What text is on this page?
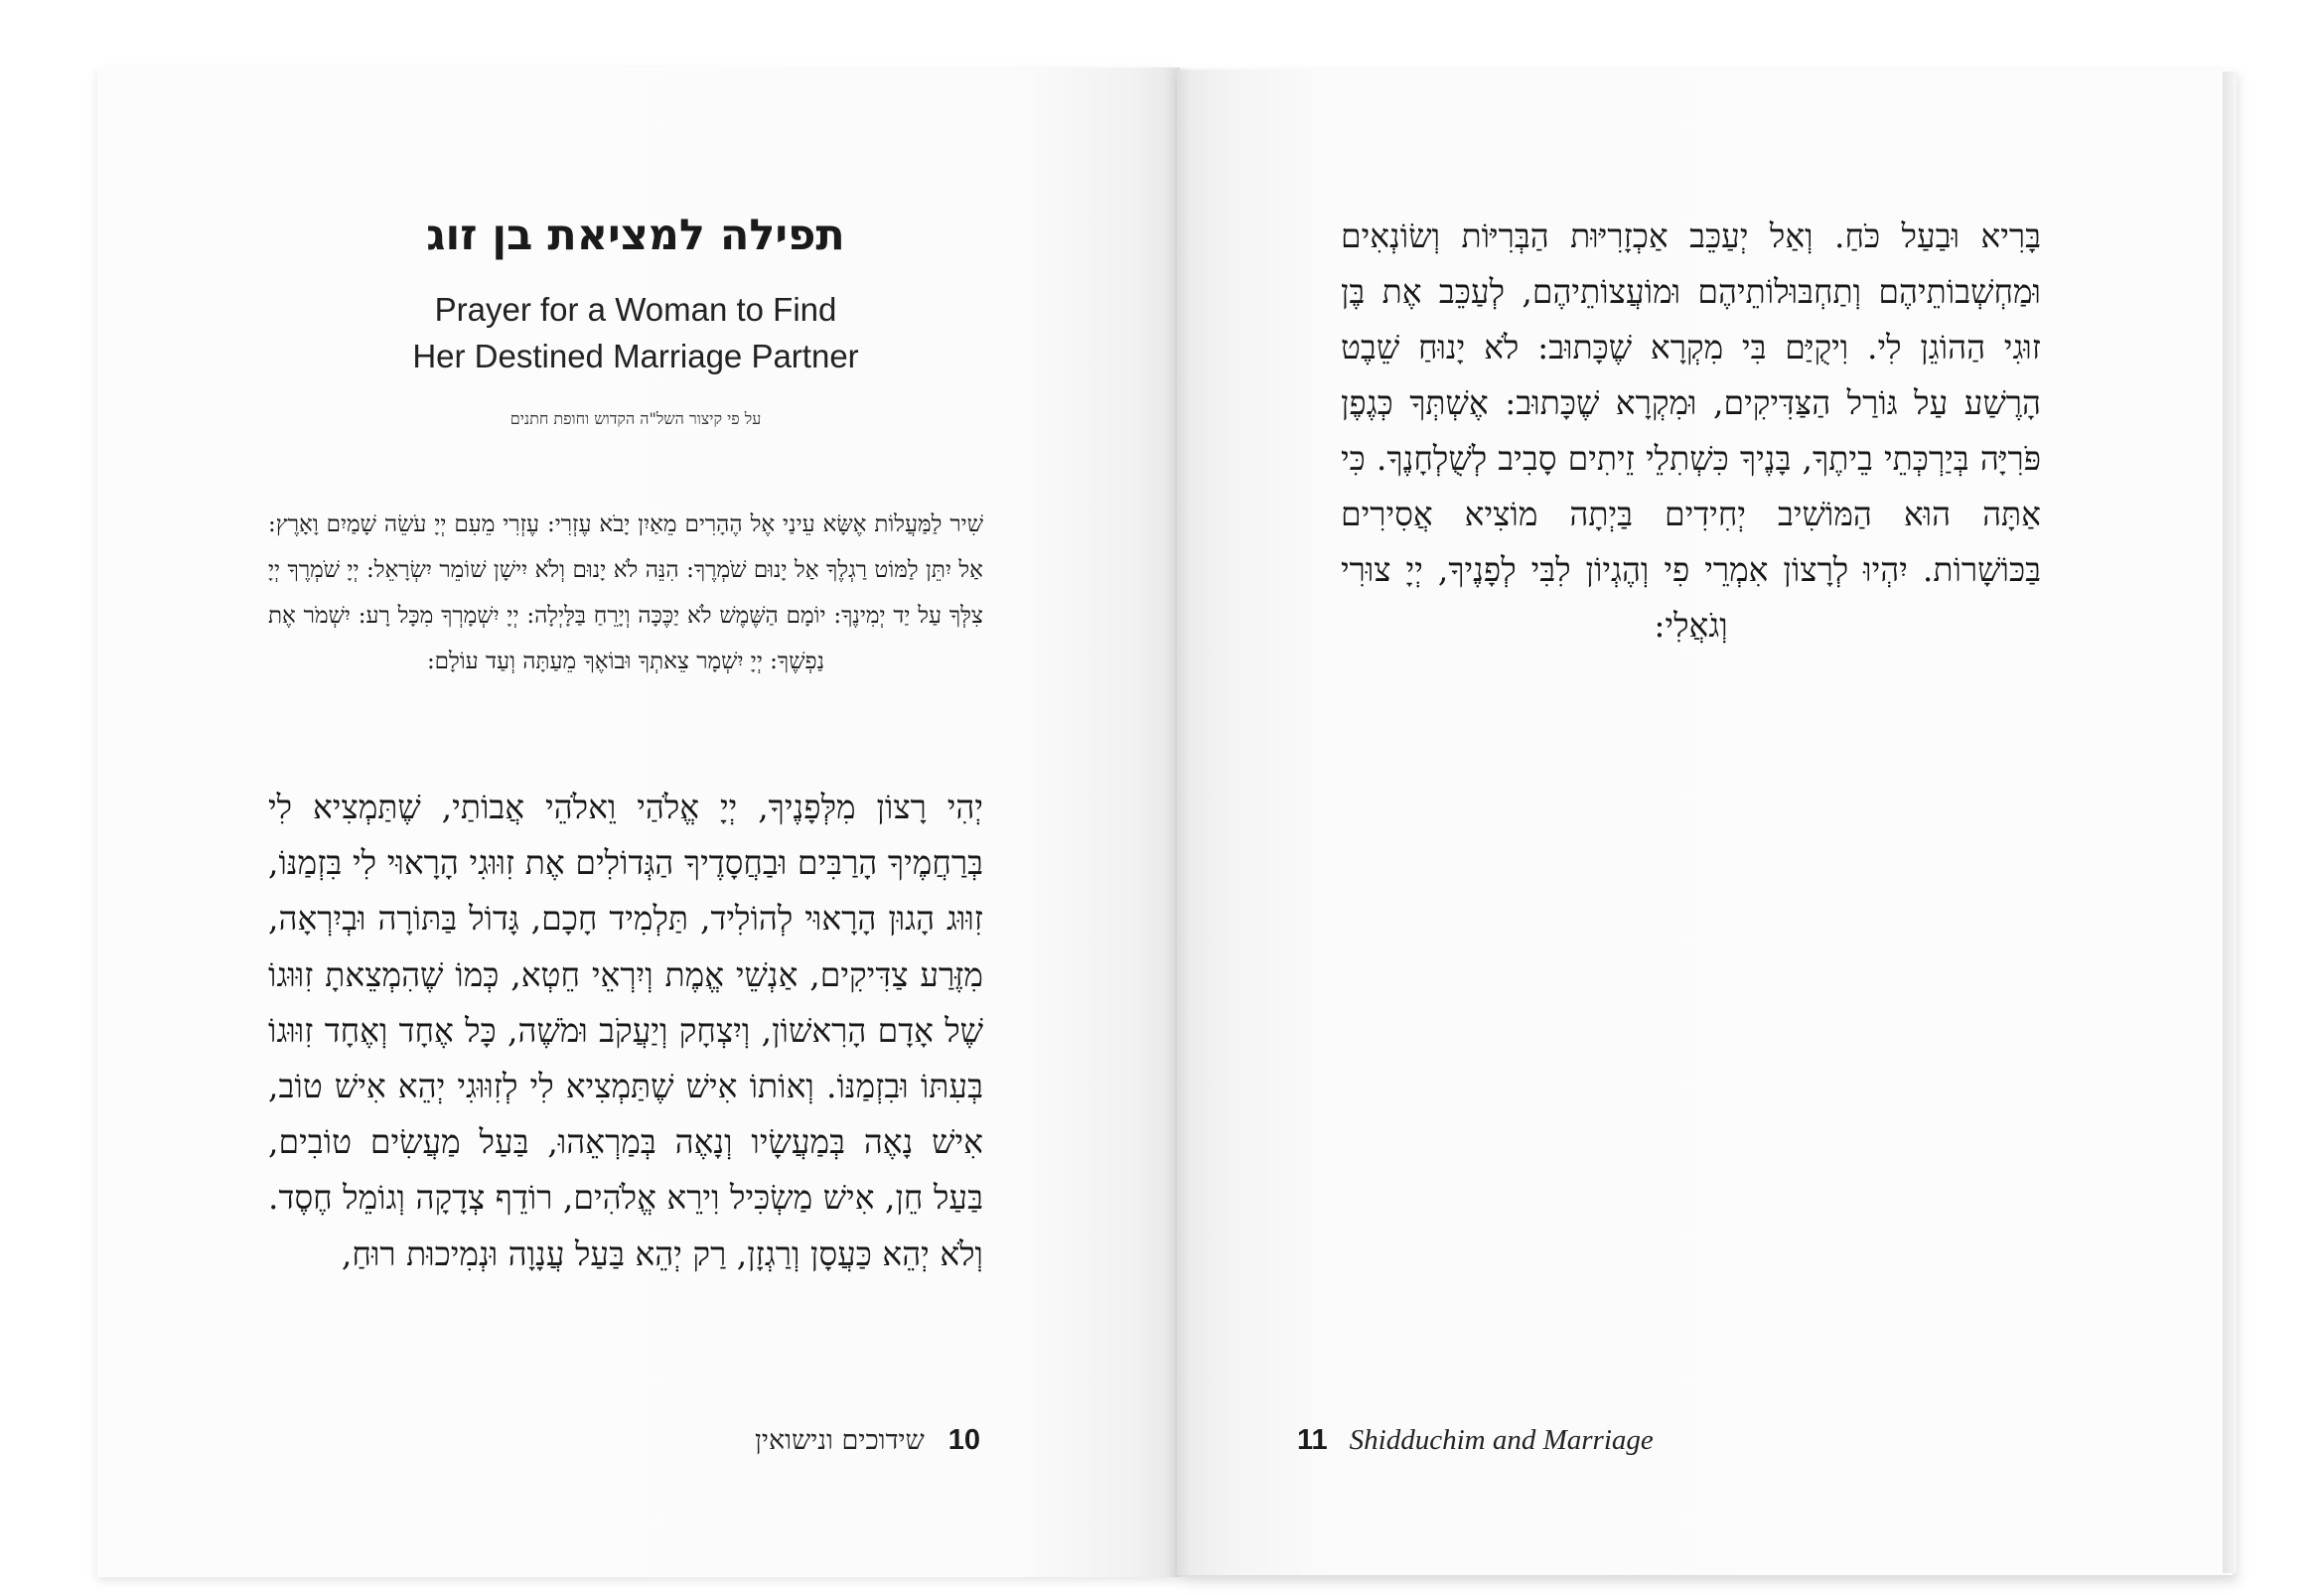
תפילה למציאת בן זוג
Prayer for a Woman to Find
Her Destined Marriage Partner
על פי קיצור השל"ה הקדוש וחופת חתנים

שִׁיר לַמַּעֲלוֹת אֶשָּׂא עֵינַי אֶל הֶהָרִים מֵאַיִן יָבֹא עֶזְרִי: עֶזְרִי מֵעִם יְיָ עֹשֵׂה שָׁמַיִם וָאָרֶץ: אַל יִתֵּן לַמּוֹט רַגְלֶךָ אַל יָנוּם שֹׁמְרֶךָ: הִנֵּה לֹא יָנוּם וְלֹא יִישָׁן שׁוֹמֵר יִשְׂרָאֵל: יְיָ שֹׁמְרֶךָ יְיָ צִלְּךָ עַל יַד יְמִינֶךָ: יוֹמָם הַשֶּׁמֶשׁ לֹא יַכֶּכָּה וְיָרֵחַ בַּלָּיְלָה: יְיָ יִשְׁמָרְךָ מִכָּל רָע: יִשְׁמֹר אֶת נַפְשֶׁךָ: יְיָ יִשְׁמָר צֵאתְךָ וּבוֹאֶךָ מֵעַתָּה וְעַד עוֹלָם:

יְהִי רָצוֹן מִלְּפָנֶיךָ, יְיָ אֱלֹהַי וֵאלֹהֵי אֲבוֹתַי, שֶׁתַּמְצִיא לִי בְּרַחֲמֶיךָ הָרַבִּים וּבַחֲסָדֶיךָ הַגְּדוֹלִים אֶת זִוּוּגִי הָרָאוּי לִי בִּזְמַנּוֹ, זִוּוּג הָגוּן הָרָאוּי לְהוֹלִיד, תַּלְמִיד חָכָם, גָּדוֹל בַּתּוֹרָה וּבְיִרְאָה, מִזֶּרַע צַדִּיקִים, אַנְשֵׁי אֱמֶת וְיִרְאֵי חֵטְא, כְּמוֹ שֶׁהִמְצֵאתָ זִוּוּגוֹ שֶׁל אָדָם הָרִאשׁוֹן, וְיִצְחָק וְיַעֲקֹב וּמֹשֶׁה, כָּל אֶחָד וְאֶחָד זִוּוּגוֹ בְּעִתּוֹ וּבִזְמַנּוֹ. וְאוֹתוֹ אִישׁ שֶׁתַּמְצִיא לִי לְזִוּוּגִי יְהֵא אִישׁ טוֹב, אִישׁ נָאֶה בְּמַעֲשָׂיו וְנָאֶה בְּמַרְאֵהוּ, בַּעַל מַעֲשִׂים טוֹבִים, בַּעַל חֵן, אִישׁ מַשְׂכִּיל וִירֵא אֱלֹהִים, רוֹדֵף צְדָקָה וְגוֹמֵל חֶסֶד. וְלֹא יְהֵא כַּעֲסָן וְרַגְזָן, רַק יְהֵא בַּעַל עֲנָוָה וּנְמִיכוּת רוּחַ,

בָּרִיא וּבַעַל כֹּחַ. וְאַל יְעַכֵּב אַכְזָרִיּוּת הַבְּרִיּוֹת וְשׂוֹנְאִים וּמַחְשְׁבוֹתֵיהֶם וְתַחְבּוּלוֹתֵיהֶם וּמוֹעֲצוֹתֵיהֶם, לְעַכֵּב אֶת בֶּן זוּגִי הַהוֹגֵן לִי. וִיקֻיַּם בִּי מִקְרָא שֶׁכָּתוּב: לֹא יָנוּחַ שֵׁבֶט הָרֶשַׁע עַל גּוֹרַל הַצַּדִּיקִים, וּמִקְרָא שֶׁכָּתוּב: אֶשְׁתְּךָ כְּגֶפֶן פֹּרִיָּה בְּיַרְכְּתֵי בֵיתֶךָ, בָּנֶיךָ כִּשְׁתִלֵי זֵיתִים סָבִיב לְשֻׁלְחָנֶךָ. כִּי אַתָּה הוּא הַמּוֹשִׁיב יְחִידִים בַּיְתָה מוֹצִיא אֲסִירִים בַּכּוֹשָׁרוֹת. יִהְיוּ לְרָצוֹן אִמְרֵי פִי וְהֶגְיוֹן לִבִּי לְפָנֶיךָ, יְיָ צוּרִי וְגֹאֲלִי:

10שידוכים ונישואין	11 Shidduchim and Marriage
